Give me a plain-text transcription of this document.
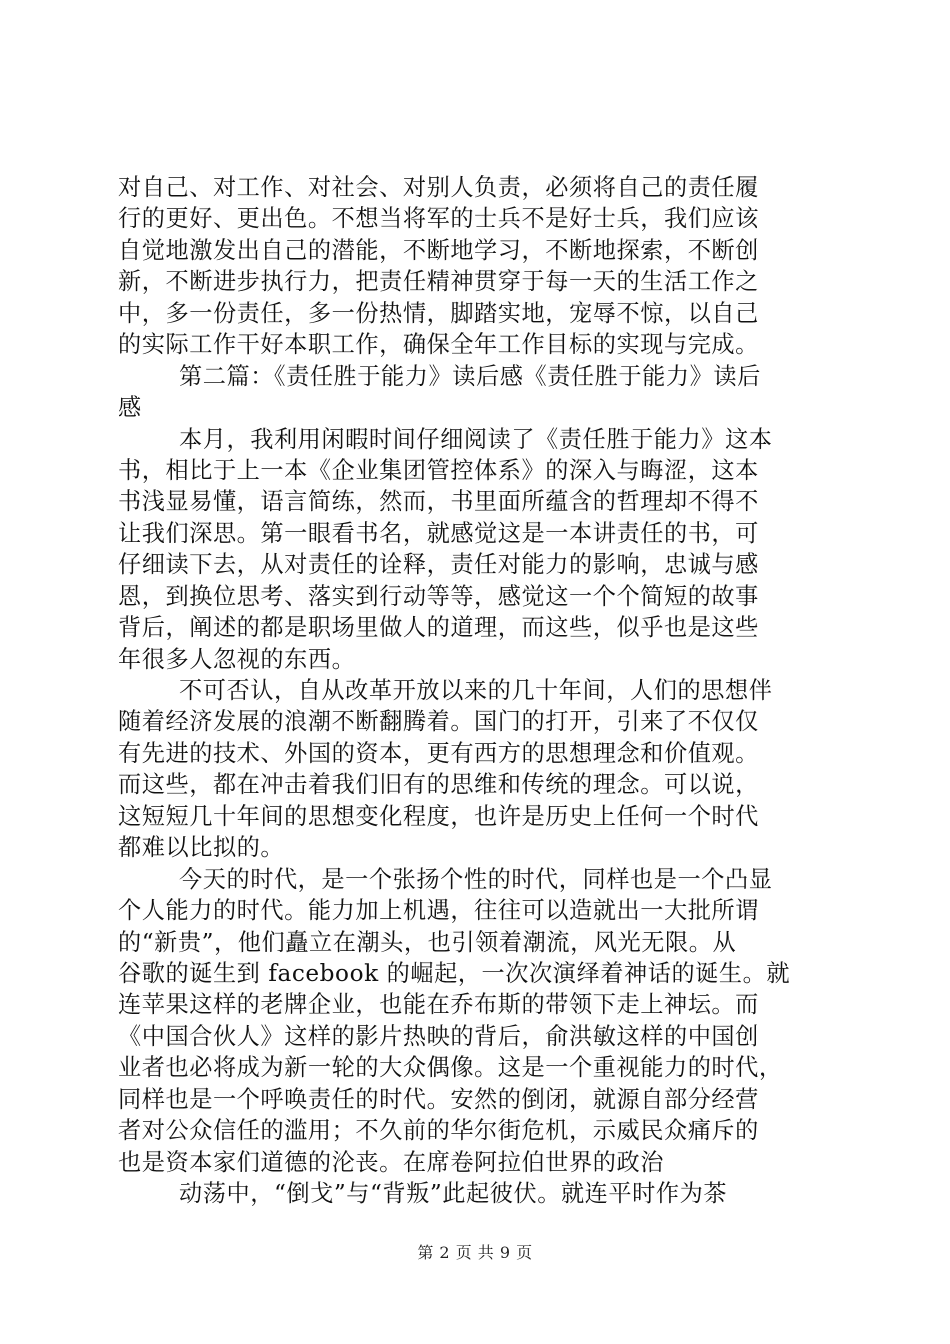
对自己、对工作、对社会、对别人负责，必须将自己的责任履
行的更好、更出色。不想当将军的士兵不是好士兵，我们应该
自觉地激发出自己的潜能，不断地学习，不断地探索，不断创
新，不断进步执行力，把责任精神贯穿于每一天的生活工作之
中，多一份责任，多一份热情，脚踏实地，宠辱不惊，以自己
的实际工作干好本职工作，确保全年工作目标的实现与完成。
第二篇：《责任胜于能力》读后感《责任胜于能力》读后
感
本月，我利用闲暇时间仔细阅读了《责任胜于能力》这本
书，相比于上一本《企业集团管控体系》的深入与晦涩，这本
书浅显易懂，语言简练，然而，书里面所蕴含的哲理却不得不
让我们深思。第一眼看书名，就感觉这是一本讲责任的书，可
仔细读下去，从对责任的诠释，责任对能力的影响，忠诚与感
恩，到换位思考、落实到行动等等，感觉这一个个简短的故事
背后，阐述的都是职场里做人的道理，而这些，似乎也是这些
年很多人忽视的东西。
不可否认，自从改革开放以来的几十年间，人们的思想伴
随着经济发展的浪潮不断翻腾着。国门的打开，引来了不仅仅
有先进的技术、外国的资本，更有西方的思想理念和价值观。
而这些，都在冲击着我们旧有的思维和传统的理念。可以说，
这短短几十年间的思想变化程度，也许是历史上任何一个时代
都难以比拟的。
今天的时代，是一个张扬个性的时代，同样也是一个凸显
个人能力的时代。能力加上机遇，往往可以造就出一大批所谓
的“新贵”，他们矗立在潮头，也引领着潮流，风光无限。从
谷歌的诞生到 facebook 的崛起，一次次演绎着神话的诞生。就
连苹果这样的老牌企业，也能在乔布斯的带领下走上神坛。而
《中国合伙人》这样的影片热映的背后，俞洪敏这样的中国创
业者也必将成为新一轮的大众偶像。这是一个重视能力的时代，
同样也是一个呼唤责任的时代。安然的倒闭，就源自部分经营
者对公众信任的滥用；不久前的华尔街危机，示威民众痛斥的
也是资本家们道德的沦丧。在席卷阿拉伯世界的政治
动荡中，“倒戈”与“背叛”此起彼伏。就连平时作为茶
第 2 页 共 9 页
